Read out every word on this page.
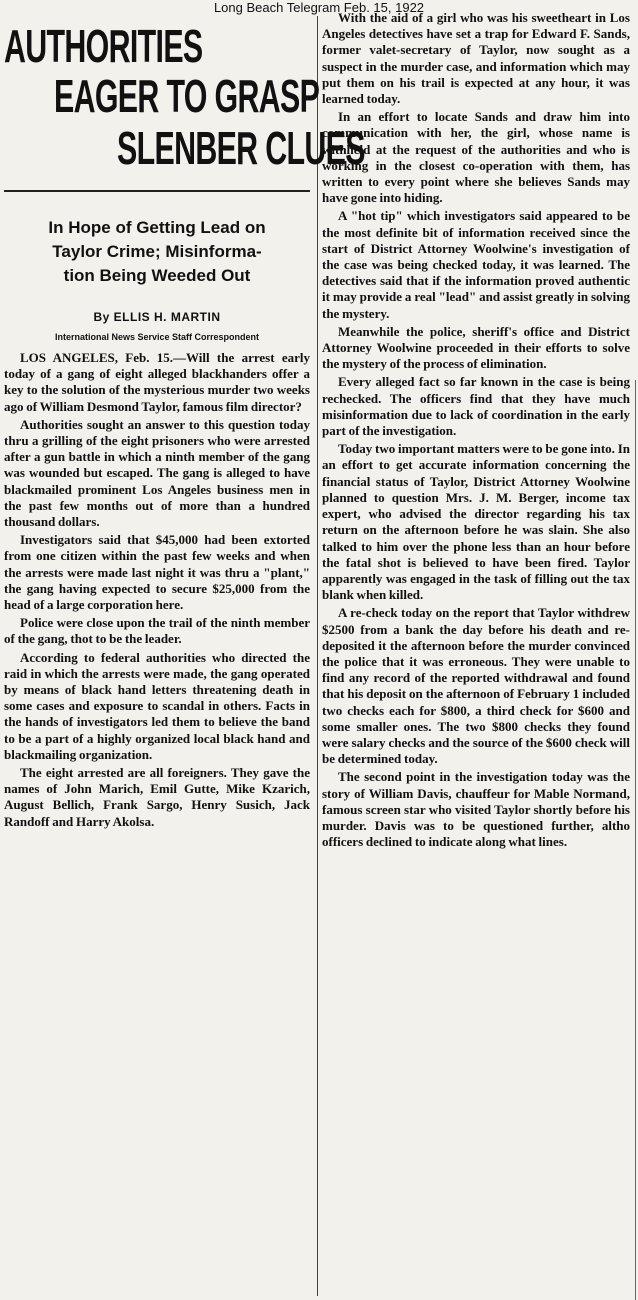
Long Beach Telegram Feb. 15, 1922
AUTHORITIES
EAGER TO GRASP
SLENBER CLUES
In Hope of Getting Lead on
Taylor Crime; Misinforma-
tion Being Weeded Out
By ELLIS H. MARTIN
International News Service Staff Correspondent

LOS ANGELES, Feb. 15.—Will the arrest early today of a gang of eight alleged blackhanders offer a key to the solution of the mysterious murder two weeks ago of William Desmond Taylor, famous film director?

Authorities sought an answer to this question today thru a grilling of the eight prisoners who were arrested after a gun battle in which a ninth member of the gang was wounded but escaped. The gang is alleged to have blackmailed prominent Los Angeles business men in the past few months out of more than a hundred thousand dollars.

Investigators said that $45,000 had been extorted from one citizen within the past few weeks and when the arrests were made last night it was thru a "plant," the gang having expected to secure $25,000 from the head of a large corporation here.

Police were close upon the trail of the ninth member of the gang, thot to be the leader.

According to federal authorities who directed the raid in which the arrests were made, the gang operated by means of black hand letters threatening death in some cases and exposure to scandal in others. Facts in the hands of investigators led them to believe the band to be a part of a highly organized local black hand and blackmailing organization.

The eight arrested are all foreigners. They gave the names of John Marich, Emil Gutte, Mike Kzarich, August Bellich, Frank Sargo, Henry Susich, Jack Randoff and Harry Akolsa.

With the aid of a girl who was his sweetheart in Los Angeles detectives have set a trap for Edward F. Sands, former valet-secretary of Taylor, now sought as a suspect in the murder case, and information which may put them on his trail is expected at any hour, it was learned today.

In an effort to locate Sands and draw him into communication with her, the girl, whose name is withheld at the request of the authorities and who is working in the closest co-operation with them, has written to every point where she believes Sands may have gone into hiding.

A "hot tip" which investigators said appeared to be the most definite bit of information received since the start of District Attorney Woolwine's investigation of the case was being checked today, it was learned. The detectives said that if the information proved authentic it may provide a real "lead" and assist greatly in solving the mystery.

Meanwhile the police, sheriff's office and District Attorney Woolwine proceeded in their efforts to solve the mystery of the process of elimination.

Every alleged fact so far known in the case is being rechecked. The officers find that they have much misinformation due to lack of coordination in the early part of the investigation.

Today two important matters were to be gone into. In an effort to get accurate information concerning the financial status of Taylor, District Attorney Woolwine planned to question Mrs. J. M. Berger, income tax expert, who advised the director regarding his tax return on the afternoon before he was slain. She also talked to him over the phone less than an hour before the fatal shot is believed to have been fired. Taylor apparently was engaged in the task of filling out the tax blank when killed.

A re-check today on the report that Taylor withdrew $2500 from a bank the day before his death and re-deposited it the afternoon before the murder convinced the police that it was erroneous. They were unable to find any record of the reported withdrawal and found that his deposit on the afternoon of February 1 included two checks each for $800, a third check for $600 and some smaller ones. The two $800 checks they found were salary checks and the source of the $600 check will be determined today.

The second point in the investigation today was the story of William Davis, chauffeur for Mable Normand, famous screen star who visited Taylor shortly before his murder. Davis was to be questioned further, altho officers declined to indicate along what lines.
